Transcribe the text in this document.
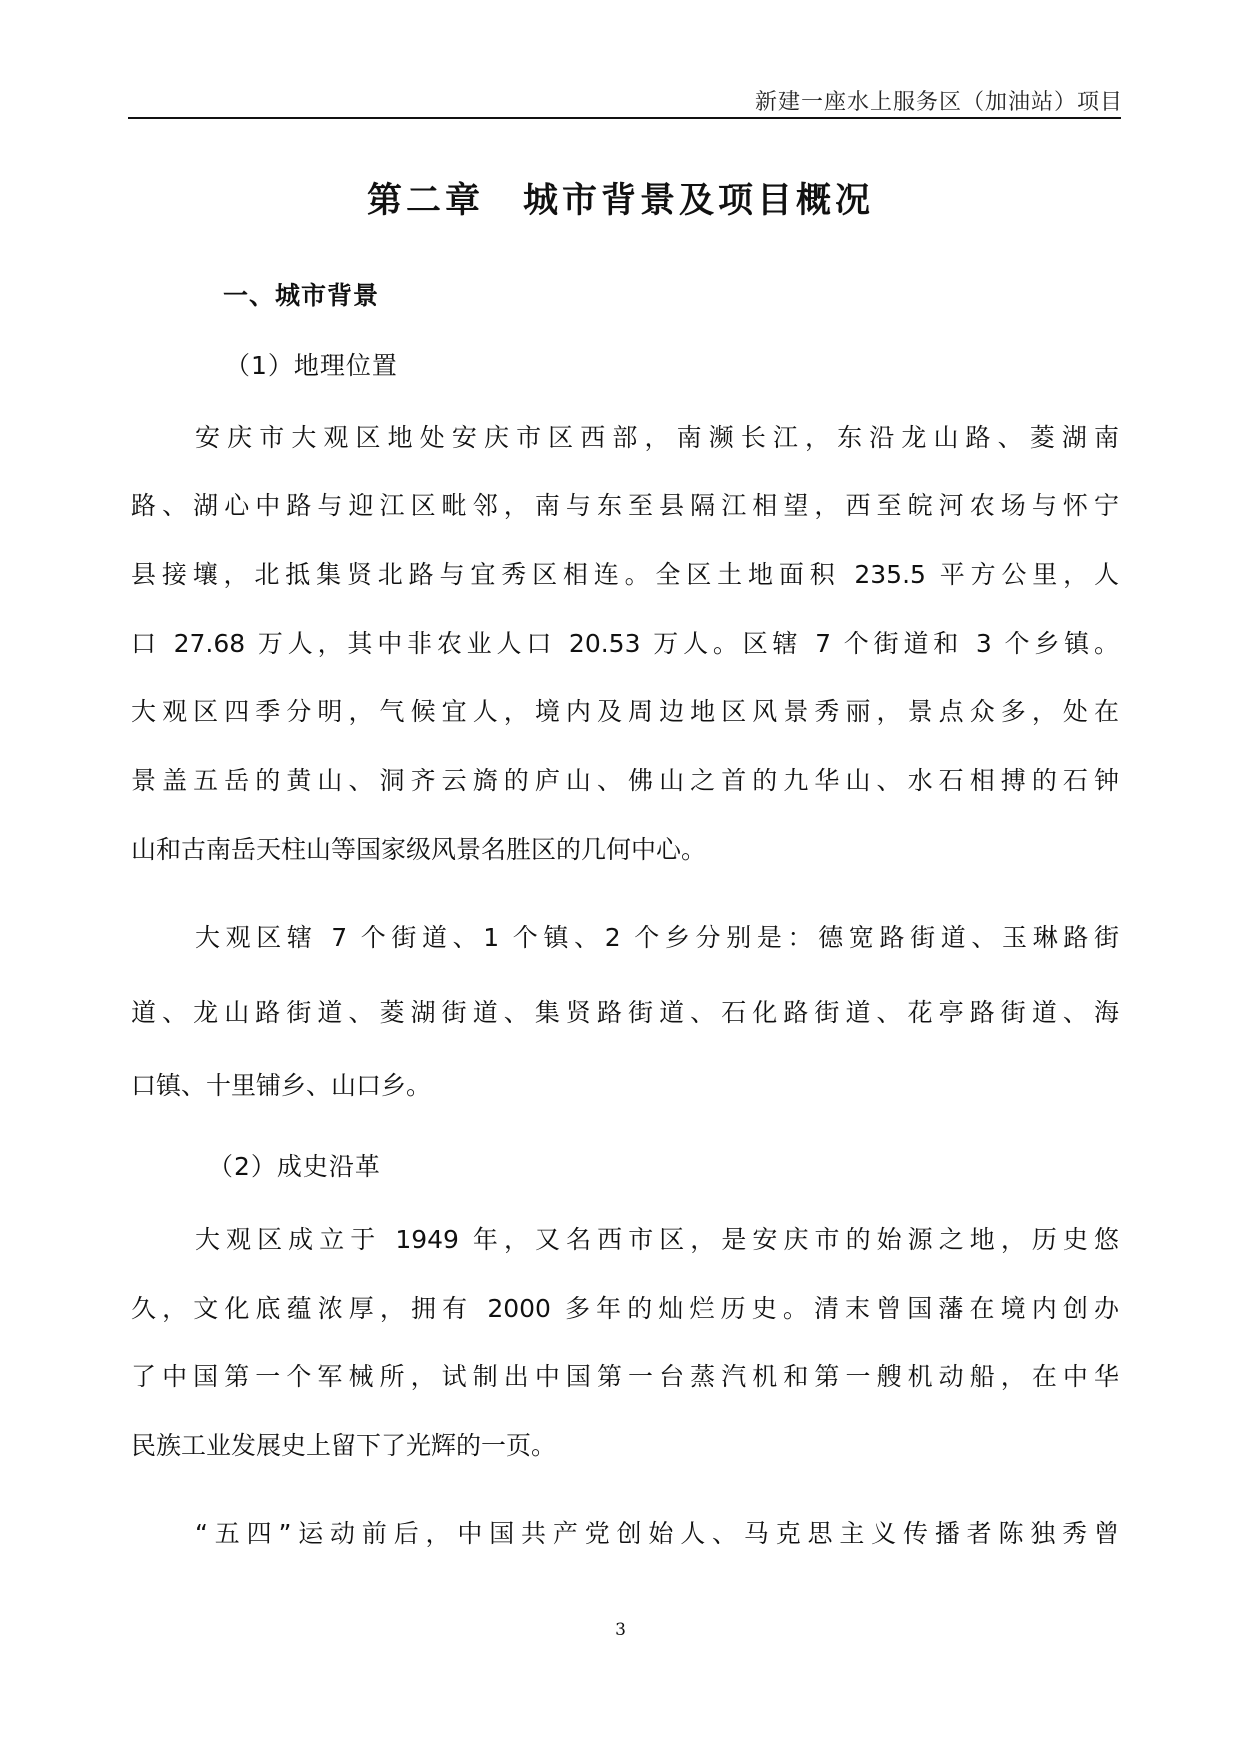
新建一座水上服务区（加油站）项目
第二章　城市背景及项目概况
一、城市背景
（1）地理位置
安庆市大观区地处安庆市区西部，南濒长江，东沿龙山路、菱湖南
路、湖心中路与迎江区毗邻，南与东至县隔江相望，西至皖河农场与怀宁
县接壤，北抵集贤北路与宜秀区相连。全区土地面积 235.5 平方公里，人
口 27.68 万人，其中非农业人口 20.53 万人。区辖 7 个街道和 3 个乡镇。
大观区四季分明，气候宜人，境内及周边地区风景秀丽，景点众多，处在
景盖五岳的黄山、洞齐云旖的庐山、佛山之首的九华山、水石相搏的石钟
山和古南岳天柱山等国家级风景名胜区的几何中心。
大观区辖 7 个街道、1 个镇、2 个乡分别是：德宽路街道、玉琳路街
道、龙山路街道、菱湖街道、集贤路街道、石化路街道、花亭路街道、海
口镇、十里铺乡、山口乡。
（2）成史沿革
大观区成立于 1949 年，又名西市区，是安庆市的始源之地，历史悠
久，文化底蕴浓厚，拥有 2000 多年的灿烂历史。清末曾国藩在境内创办
了中国第一个军械所，试制出中国第一台蒸汽机和第一艘机动船，在中华
民族工业发展史上留下了光辉的一页。
“五四”运动前后，中国共产党创始人、马克思主义传播者陈独秀曾
3
